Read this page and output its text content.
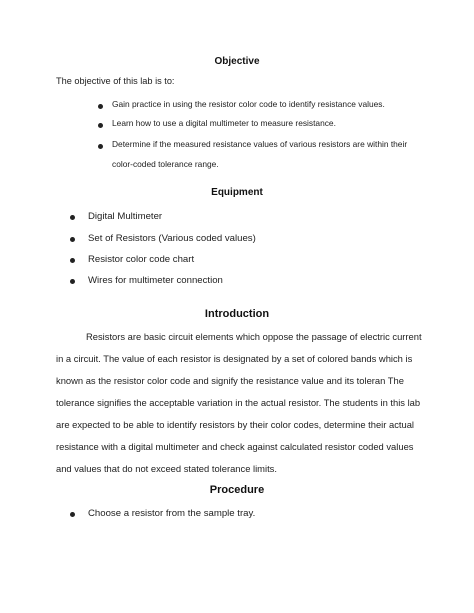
Objective
The objective of this lab is to:
Gain practice in using the resistor color code to identify resistance values.
Learn how to use a digital multimeter to measure resistance.
Determine if the measured resistance values of various resistors are within their
color-coded tolerance range.
Equipment
Digital Multimeter
Set of Resistors (Various coded values)
Resistor color code chart
Wires for multimeter connection
Introduction
Resistors are basic circuit elements which oppose the passage of electric current
in a circuit. The value of each resistor is designated by a set of colored bands which is
known as the resistor color code and signify the resistance value and its toleran The
tolerance signifies the acceptable variation in the actual resistor. The students in this lab
are expected to be able to identify resistors by their color codes, determine their actual
resistance with a digital multimeter and check against calculated resistor coded values
and values that do not exceed stated tolerance limits.
Procedure
Choose a resistor from the sample tray.
